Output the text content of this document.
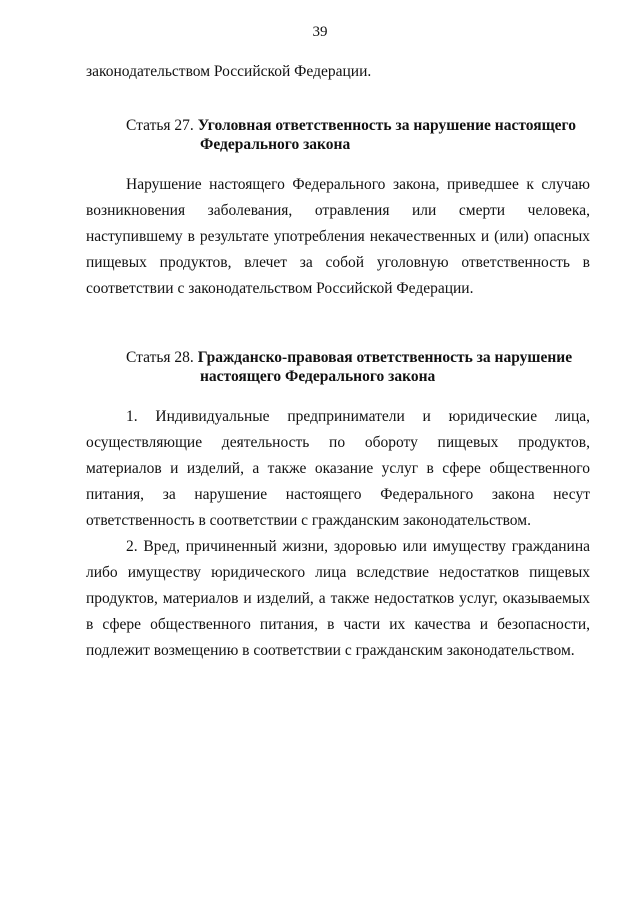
39
законодательством Российской Федерации.
Статья 27. Уголовная ответственность за нарушение настоящего
Федерального закона

Нарушение настоящего Федерального закона, приведшее к случаю возникновения заболевания, отравления или смерти человека, наступившему в результате употребления некачественных и (или) опасных пищевых продуктов, влечет за собой уголовную ответственность в соответствии с законодательством Российской Федерации.

Статья 28. Гражданско-правовая ответственность за нарушение
настоящего Федерального закона

1. Индивидуальные предприниматели и юридические лица, осуществляющие деятельность по обороту пищевых продуктов, материалов и изделий, а также оказание услуг в сфере общественного питания, за нарушение настоящего Федерального закона несут ответственность в соответствии с гражданским законодательством.

2. Вред, причиненный жизни, здоровью или имуществу гражданина либо имуществу юридического лица вследствие недостатков пищевых продуктов, материалов и изделий, а также недостатков услуг, оказываемых в сфере общественного питания, в части их качества и безопасности, подлежит возмещению в соответствии с гражданским законодательством.
